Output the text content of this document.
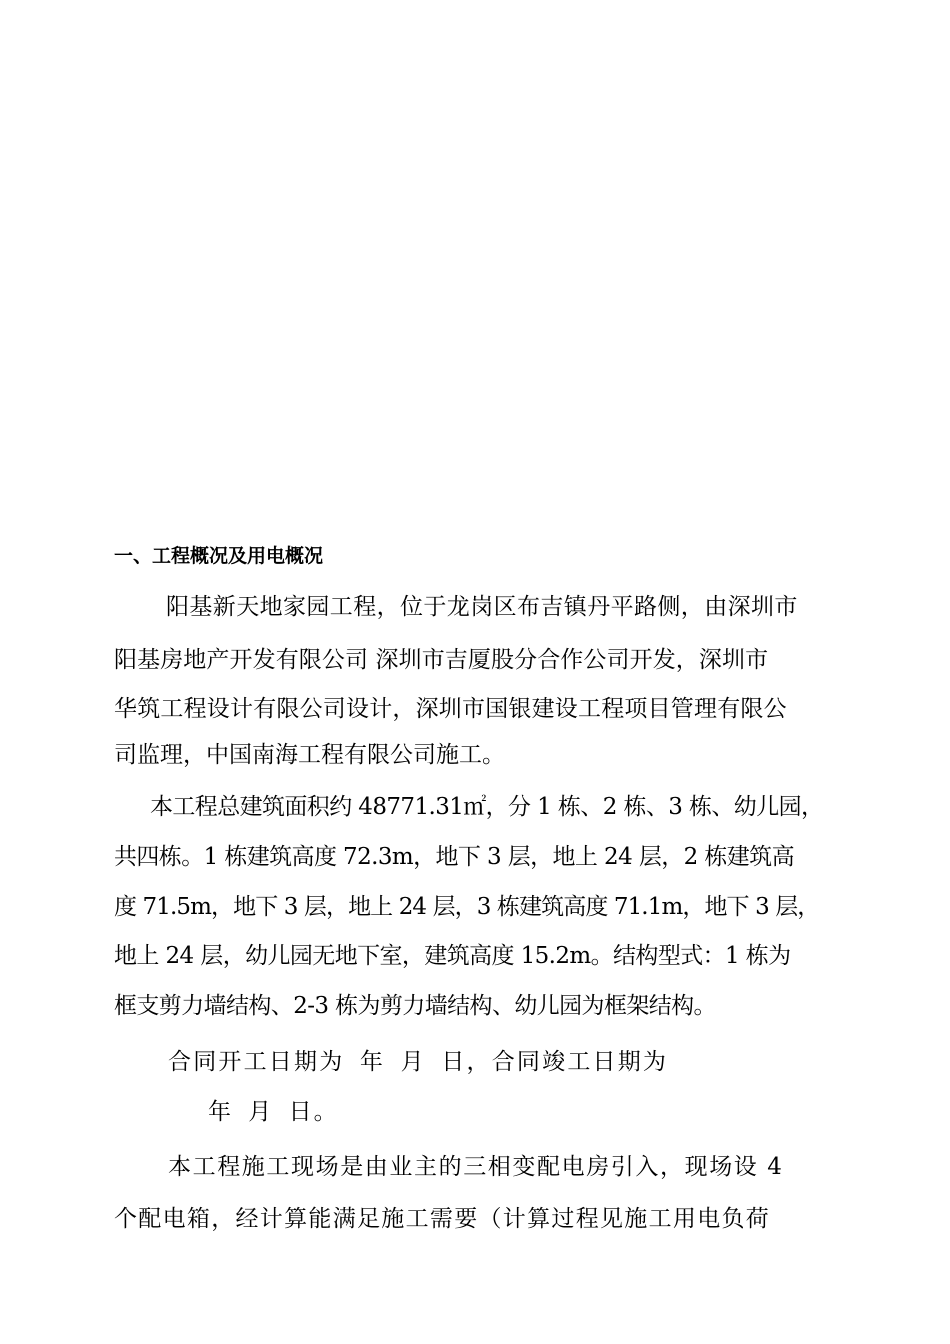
一、工程概况及用电概况
阳基新天地家园工程，位于龙岗区布吉镇丹平路侧，由深圳市
阳基房地产开发有限公司 深圳市吉厦股分合作公司开发，深圳市
华筑工程设计有限公司设计，深圳市国银建设工程项目管理有限公
司监理，中国南海工程有限公司施工。
本工程总建筑面积约 48771.31㎡，分 1 栋、2 栋、3 栋、幼儿园，
共四栋。1 栋建筑高度 72.3m，地下 3 层，地上 24 层，2 栋建筑高
度 71.5m，地下 3 层，地上 24 层，3 栋建筑高度 71.1m，地下 3 层，
地上 24 层，幼儿园无地下室，建筑高度 15.2m。结构型式：1 栋为
框支剪力墙结构、2-3 栋为剪力墙结构、幼儿园为框架结构。
合同开工日期为 年 月 日，合同竣工日期为
年 月 日。
本工程施工现场是由业主的三相变配电房引入，现场设 4
个配电箱，经计算能满足施工需要（计算过程见施工用电负荷
